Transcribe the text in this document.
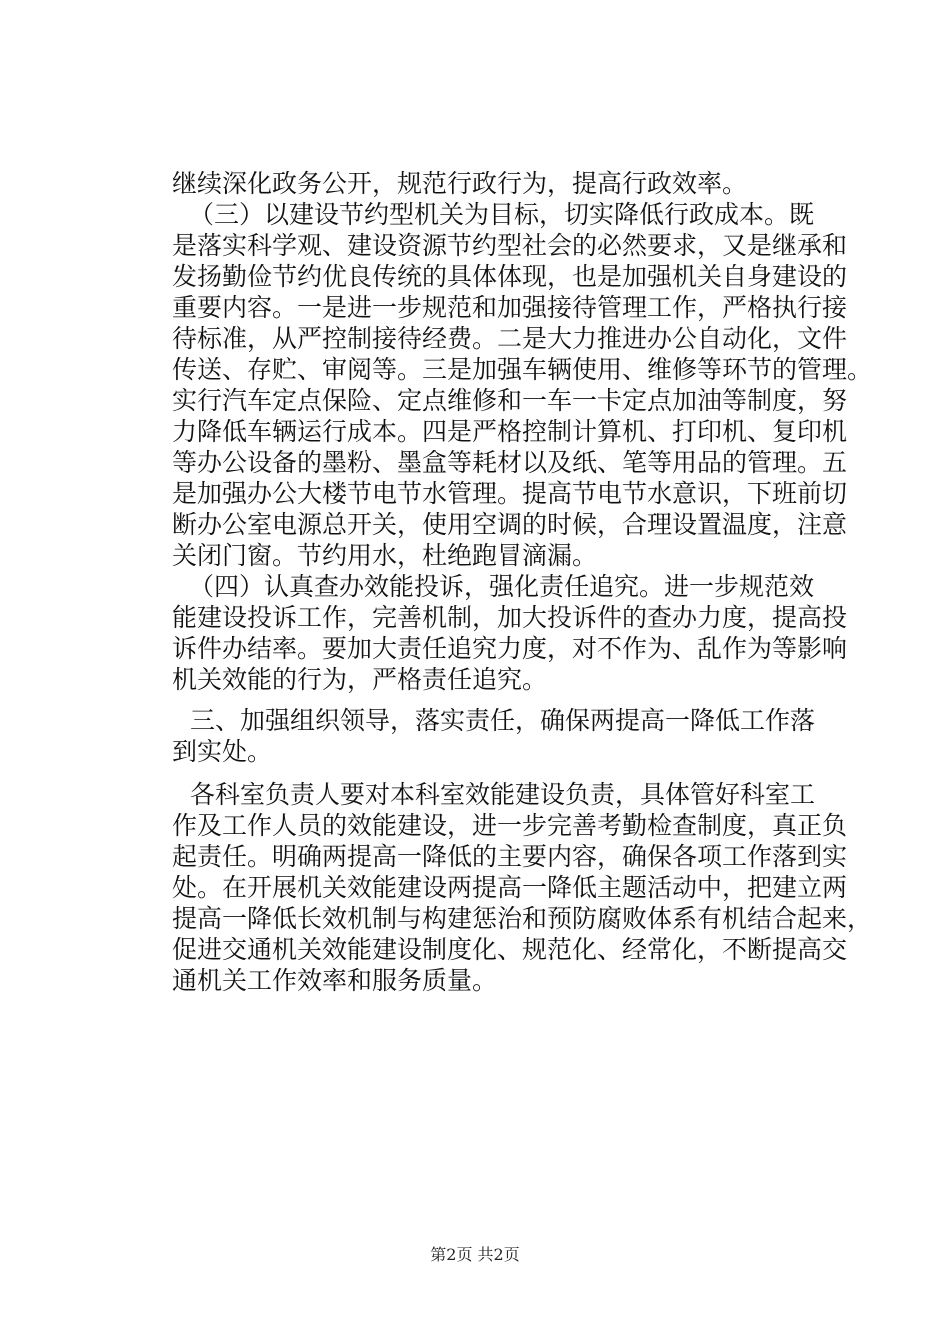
继续深化政务公开，规范行政行为，提高行政效率。
（三）以建设节约型机关为目标，切实降低行政成本。既
是落实科学观、建设资源节约型社会的必然要求，又是继承和
发扬勤俭节约优良传统的具体体现，也是加强机关自身建设的
重要内容。一是进一步规范和加强接待管理工作，严格执行接
待标准，从严控制接待经费。二是大力推进办公自动化，文件
传送、存贮、审阅等。三是加强车辆使用、维修等环节的管理。
实行汽车定点保险、定点维修和一车一卡定点加油等制度，努
力降低车辆运行成本。四是严格控制计算机、打印机、复印机
等办公设备的墨粉、墨盒等耗材以及纸、笔等用品的管理。五
是加强办公大楼节电节水管理。提高节电节水意识，下班前切
断办公室电源总开关，使用空调的时候，合理设置温度，注意
关闭门窗。节约用水，杜绝跑冒滴漏。
（四）认真查办效能投诉，强化责任追究。进一步规范效
能建设投诉工作，完善机制，加大投诉件的查办力度，提高投
诉件办结率。要加大责任追究力度，对不作为、乱作为等影响
机关效能的行为，严格责任追究。
三、加强组织领导，落实责任，确保两提高一降低工作落
到实处。
各科室负责人要对本科室效能建设负责，具体管好科室工
作及工作人员的效能建设，进一步完善考勤检查制度，真正负
起责任。明确两提高一降低的主要内容，确保各项工作落到实
处。在开展机关效能建设两提高一降低主题活动中，把建立两
提高一降低长效机制与构建惩治和预防腐败体系有机结合起来，
促进交通机关效能建设制度化、规范化、经常化，不断提高交
通机关工作效率和服务质量。
第2页 共2页
